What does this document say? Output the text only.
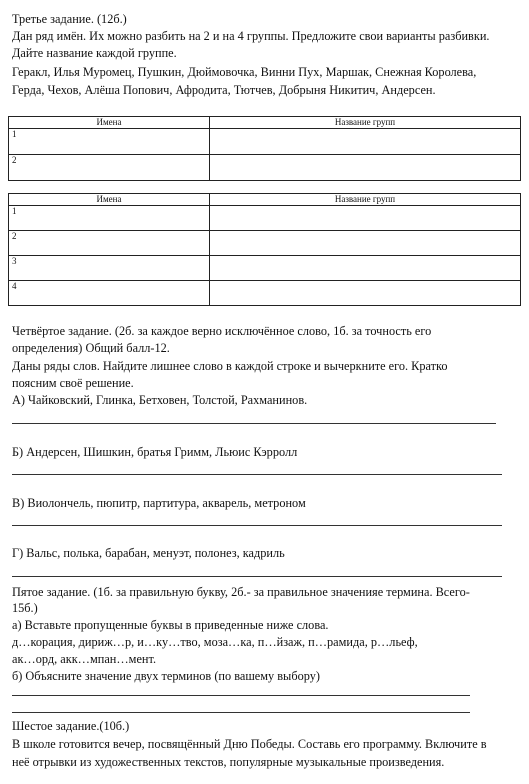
Третье задание. (12б.)
Дан ряд имён. Их можно разбить на 2 и на 4 группы. Предложите свои варианты разбивки.
Дайте название каждой группе.
Геракл, Илья Муромец, Пушкин, Дюймовочка, Винни Пух, Маршак, Снежная Королева,
Герда, Чехов, Алёша Попович, Афродита, Тютчев, Добрыня Никитич, Андерсен.
Имена	Название групп
1	
2	
Имена	Название групп
1	
2	
3	
4	
Четвёртое задание. (2б. за каждое верно исключённое слово, 1б. за точность его
определения) Общий балл-12.
Даны ряды слов. Найдите лишнее слово в каждой строке и вычеркните его. Кратко
поясним своё решение.
А) Чайковский, Глинка, Бетховен, Толстой, Рахманинов.
Б) Андерсен, Шишкин, братья Гримм, Льюис Кэрролл
В) Виолончель, пюпитр, партитура, акварель, метроном
Г) Вальс, полька, барабан, менуэт, полонез, кадриль
Пятое задание. (1б. за правильную букву, 2б.- за правильное значенияе термина. Всего-
15б.)
а) Вставьте пропущенные буквы в приведенные ниже слова.
д…корация, дириж…р, и…ку…тво, моза…ка, п…йзаж, п…рамида, р…льеф,
ак…орд, акк…мпан…мент.
б) Объясните значение двух терминов (по вашему выбору)
Шестое задание.(10б.)
В школе готовится вечер, посвящённый Дню Победы. Составь его программу. Включите в
неё отрывки из художественных текстов, популярные музыкальные произведения.
